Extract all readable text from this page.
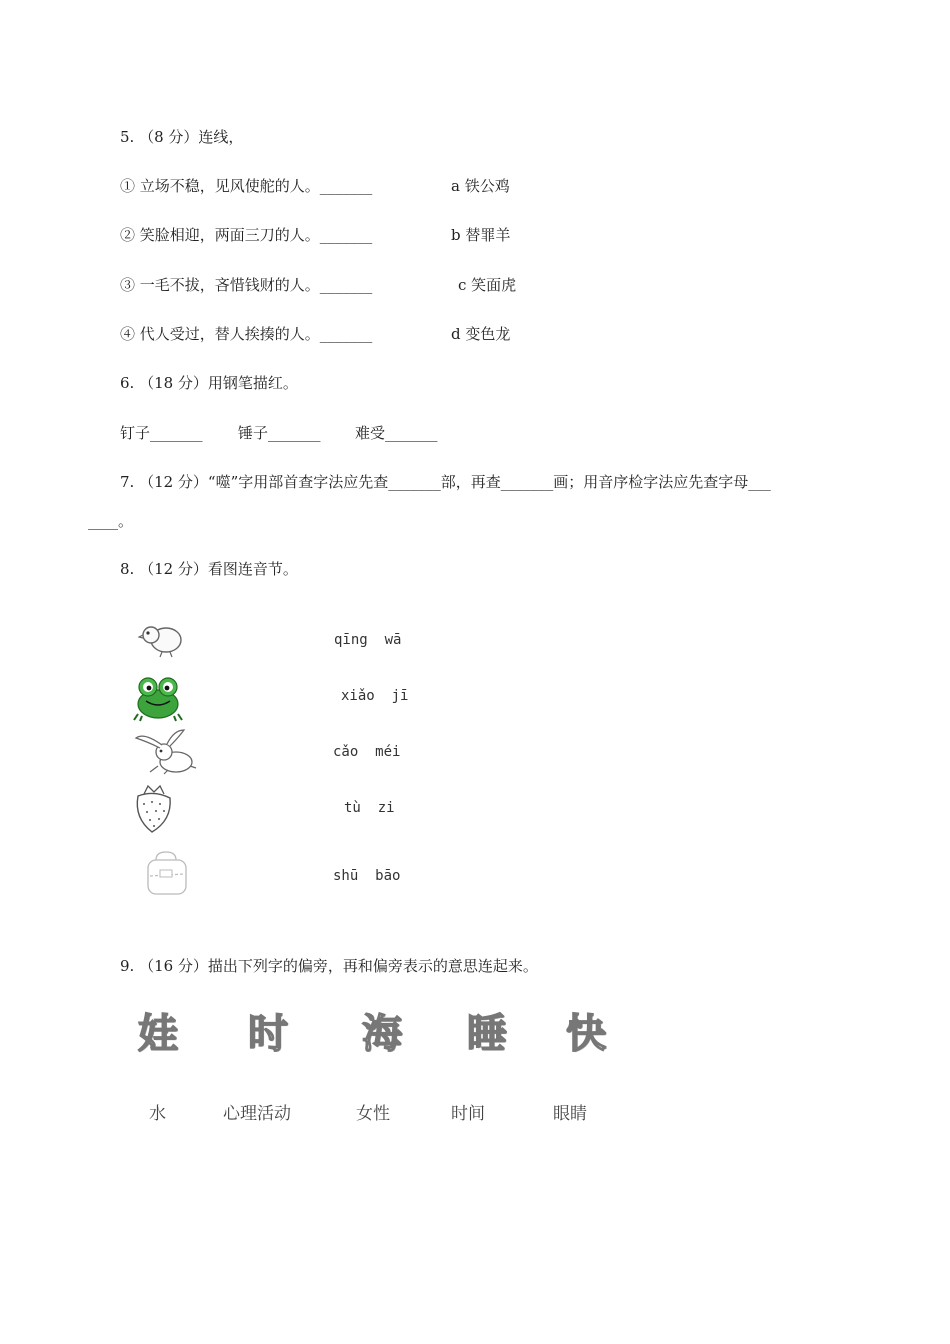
5. （8 分）连线，
① 立场不稳，见风使舵的人。_______	a 铁公鸡
② 笑脸相迎，两面三刀的人。_______	b 替罪羊
③ 一毛不拔，吝惜钱财的人。_______	c 笑面虎
④ 代人受过，替人挨揍的人。_______	d 变色龙
6. （18 分）用钢笔描红。
钉子_______ 锤子_______ 难受_______
7. （12 分）“噬”字用部首查字法应先查_______部，再查_______画；用音序检字法应先查字母___
____。
8. （12 分）看图连音节。
qīng  wā
xiǎo  jī
cǎo  méi
tù  zi
shū  bāo
9. （16 分）描出下列字的偏旁，再和偏旁表示的意思连起来。
娃 时 海 睡 快
水	心理活动	女性	时间	眼睛
